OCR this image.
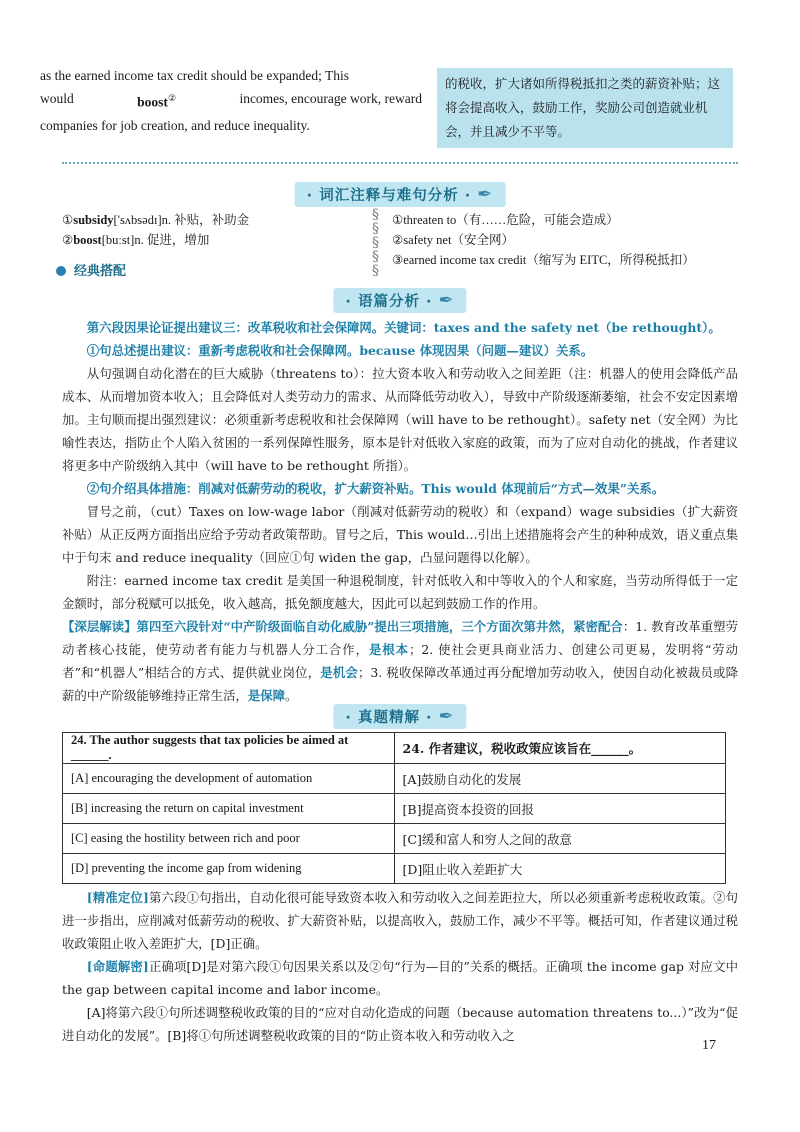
as the earned income tax credit should be expanded; This
would	boost②	incomes, encourage work, reward
companies for job creation, and reduce inequality.
的税收，扩大诸如所得税抵扣之类的薪资补贴；这将会提高收入，鼓励工作，奖励公司创造就业机会，并且减少不平等。
· 词汇注释与难句分析 · ✒
①subsidy['sʌbsədɪ]n. 补贴，补助金
②boost[buːst]n. 促进，增加
§
§
§
§
§
经典搭配
①threaten to（有……危险，可能会造成）
②safety net（安全网）
③earned income tax credit（缩写为 EITC，所得税抵扣）
· 语篇分析 · ✒
第六段因果论证提出建议三：改革税收和社会保障网。关键词：taxes and the safety net（be rethought）。
①句总述提出建议：重新考虑税收和社会保障网。because 体现因果（问题—建议）关系。
从句强调自动化潜在的巨大威胁（threatens to）：拉大资本收入和劳动收入之间差距（注：机器人的使用会降低产品成本、从而增加资本收入；且会降低对人类劳动力的需求、从而降低劳动收入），导致中产阶级逐渐萎缩，社会不安定因素增加。主句顺而提出强烈建议：必须重新考虑税收和社会保障网（will have to be rethought）。safety net（安全网）为比喻性表达，指防止个人陷入贫困的一系列保障性服务，原本是针对低收入家庭的政策，而为了应对自动化的挑战，作者建议将更多中产阶级纳入其中（will have to be rethought 所指）。
②句介绍具体措施：削减对低薪劳动的税收，扩大薪资补贴。This would 体现前后“方式—效果”关系。
冒号之前，（cut）Taxes on low-wage labor（削减对低薪劳动的税收）和（expand）wage subsidies（扩大薪资补贴）从正反两方面指出应给予劳动者政策帮助。冒号之后，This would…引出上述措施将会产生的种种成效，语义重点集中于句末 and reduce inequality（回应①句 widen the gap，凸显问题得以化解）。
附注：earned income tax credit 是美国一种退税制度，针对低收入和中等收入的个人和家庭，当劳动所得低于一定金额时，部分税赋可以抵免，收入越高，抵免额度越大，因此可以起到鼓励工作的作用。
【深层解读】第四至六段针对“中产阶级面临自动化威胁”提出三项措施，三个方面次第井然，紧密配合：1. 教育改革重塑劳动者核心技能，使劳动者有能力与机器人分工合作，是根本；2. 使社会更具商业活力、创建公司更易，发明将“劳动者”和“机器人”相结合的方式、提供就业岗位，是机会；3. 税收保障改革通过再分配增加劳动收入，使因自动化被裁员或降薪的中产阶级能够维持正常生活，是保障。
· 真题精解 · ✒
24. The author suggests that tax policies be aimed at ______.	24. 作者建议，税收政策应该旨在______。
[A] encouraging the development of automation	[A]鼓励自动化的发展
[B] increasing the return on capital investment	[B]提高资本投资的回报
[C] easing the hostility between rich and poor	[C]缓和富人和穷人之间的敌意
[D] preventing the income gap from widening	[D]阻止收入差距扩大
[精准定位]第六段①句指出，自动化很可能导致资本收入和劳动收入之间差距拉大，所以必须重新考虑税收政策。②句进一步指出，应削减对低薪劳动的税收、扩大薪资补贴，以提高收入，鼓励工作，减少不平等。概括可知，作者建议通过税收政策阻止收入差距扩大，[D]正确。
[命题解密]正确项[D]是对第六段①句因果关系以及②句“行为—目的”关系的概括。正确项 the income gap 对应文中 the gap between capital income and labor income。
[A]将第六段①句所述调整税收政策的目的“应对自动化造成的问题（because automation threatens to...）”改为“促进自动化的发展”。[B]将①句所述调整税收政策的目的“防止资本收入和劳动收入之
17
